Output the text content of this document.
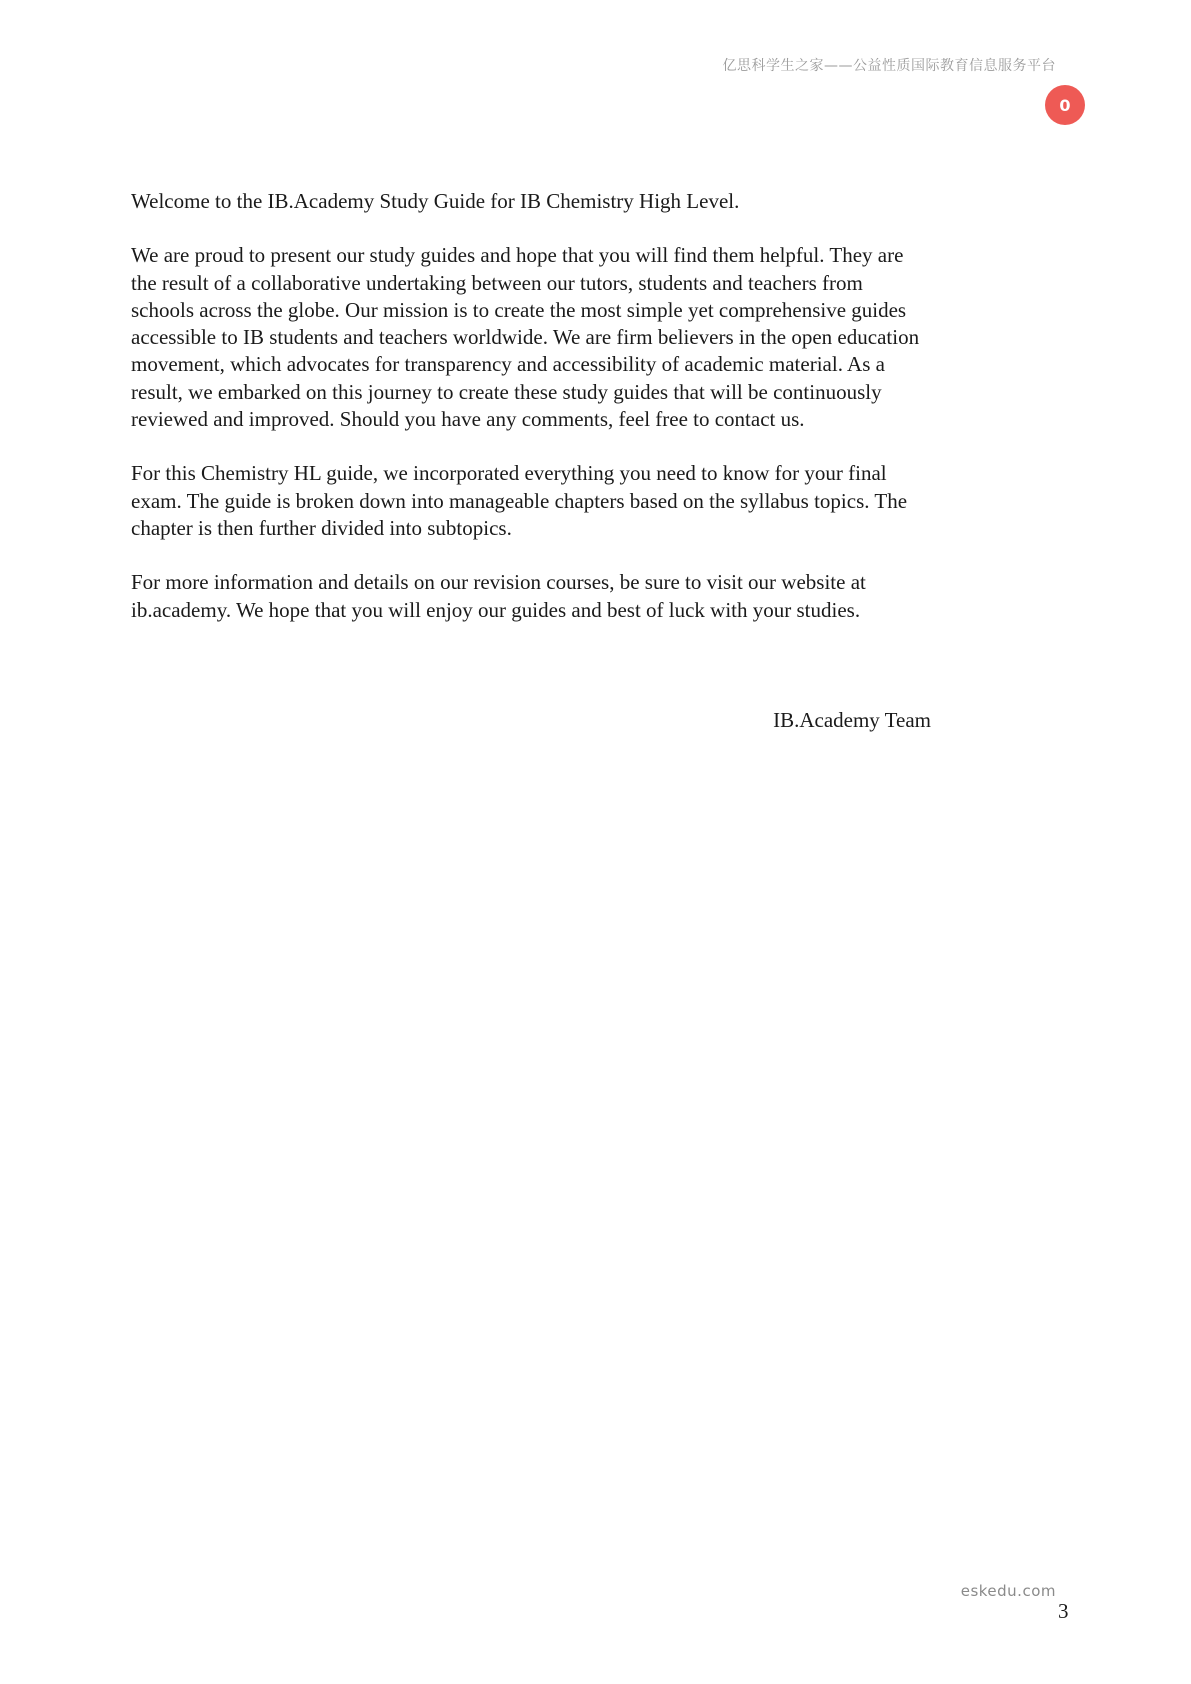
亿思科学生之家——公益性质国际教育信息服务平台
0

Welcome to the IB.Academy Study Guide for IB Chemistry High Level.

We are proud to present our study guides and hope that you will find them helpful. They are the result of a collaborative undertaking between our tutors, students and teachers from schools across the globe. Our mission is to create the most simple yet comprehensive guides accessible to IB students and teachers worldwide. We are firm believers in the open education movement, which advocates for transparency and accessibility of academic material. As a result, we embarked on this journey to create these study guides that will be continuously reviewed and improved. Should you have any comments, feel free to contact us.

For this Chemistry HL guide, we incorporated everything you need to know for your final exam. The guide is broken down into manageable chapters based on the syllabus topics. The chapter is then further divided into subtopics.

For more information and details on our revision courses, be sure to visit our website at ib.academy. We hope that you will enjoy our guides and best of luck with your studies.

IB.Academy Team
eskedu.com
3
